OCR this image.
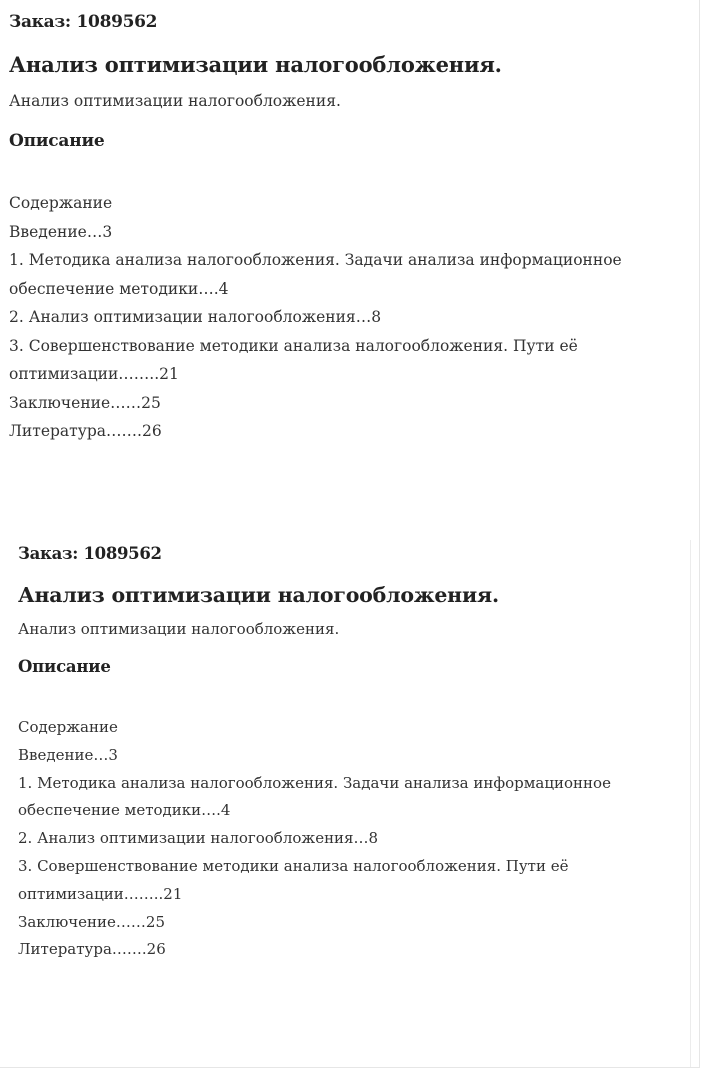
Заказ: 1089562

Анализ оптимизации налогообложения.

Анализ оптимизации налогообложения.

Описание
Содержание
Введение…3
1. Методика анализа налогообложения. Задачи анализа информационное обеспечение методики….4
2. Анализ оптимизации налогообложения…8
3. Совершенствование методики анализа налогообложения. Пути её оптимизации……..21
Заключение……25
Литература…….26

Заказ: 1089562

Анализ оптимизации налогообложения.

Анализ оптимизации налогообложения.

Описание
Содержание
Введение…3
1. Методика анализа налогообложения. Задачи анализа информационное обеспечение методики….4
2. Анализ оптимизации налогообложения…8
3. Совершенствование методики анализа налогообложения. Пути её оптимизации……..21
Заключение……25
Литература…….26
